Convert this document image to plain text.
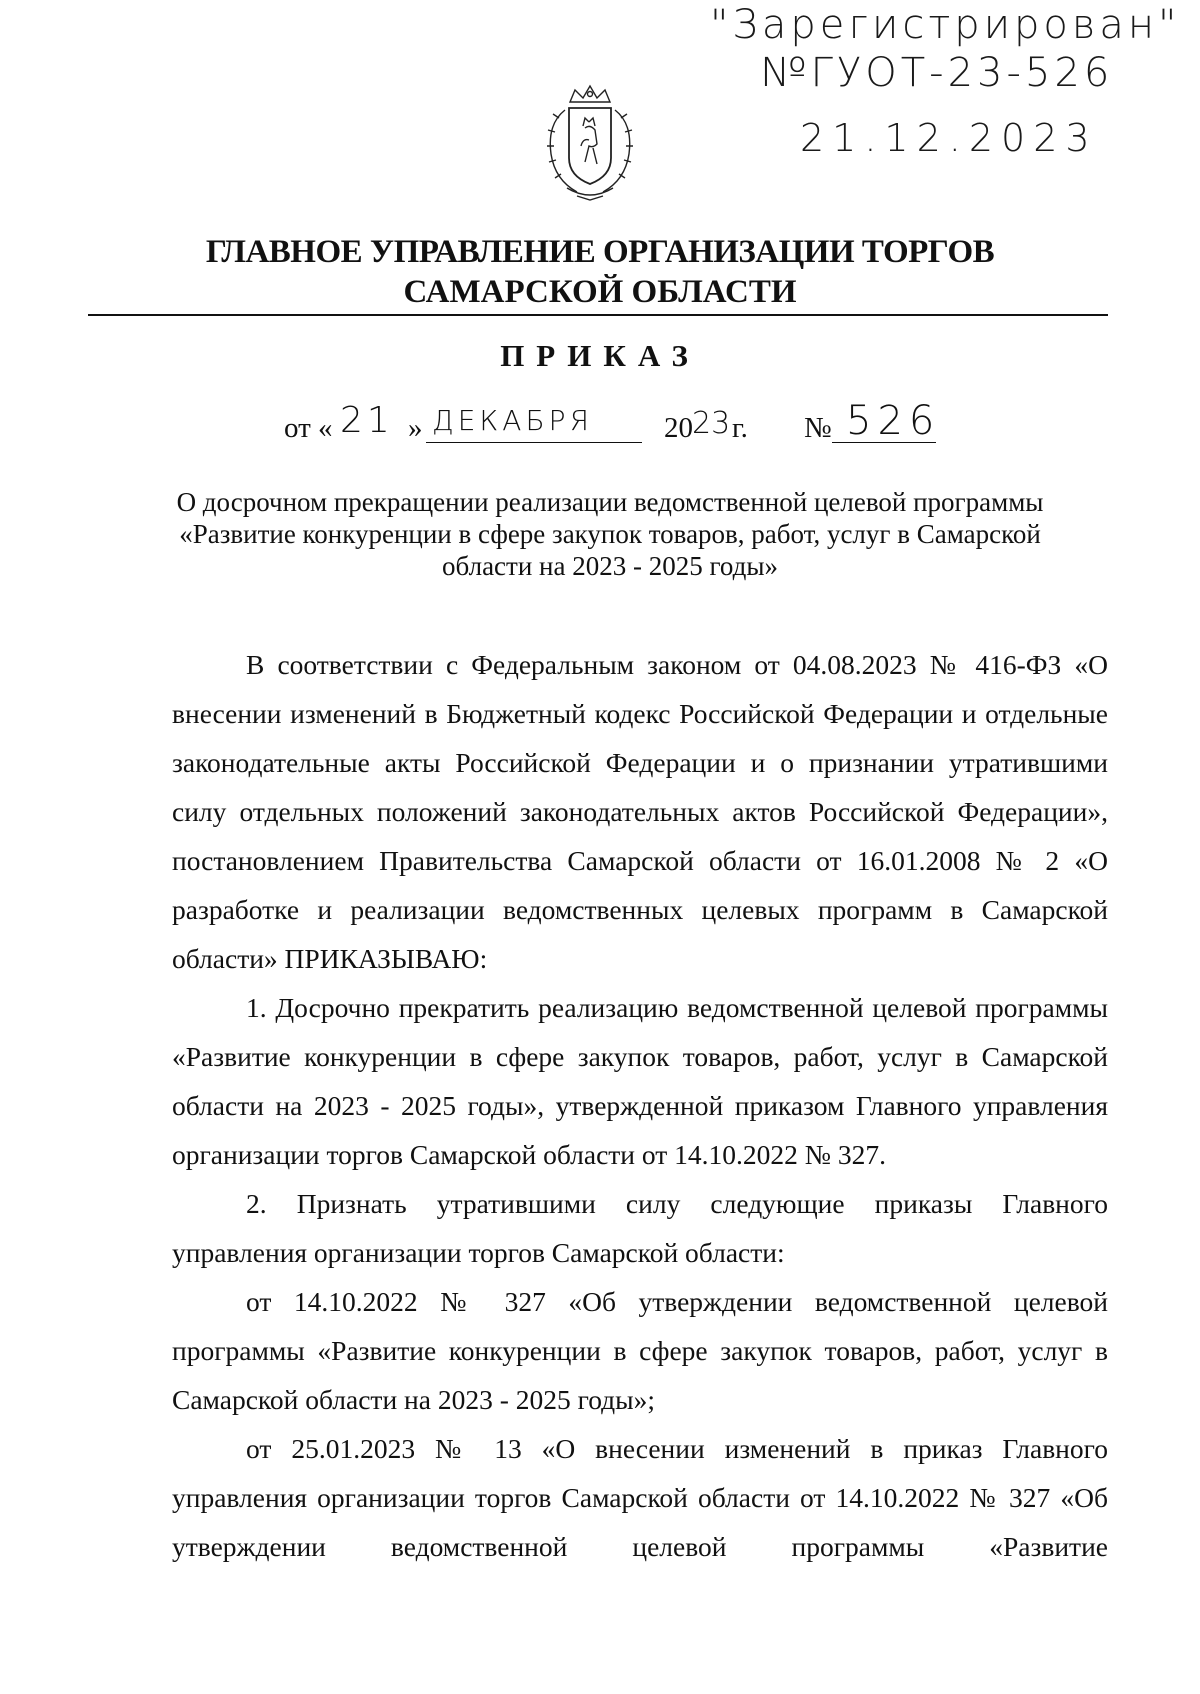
"Зарегистрирован"
№ГУОТ-23-526
21.12.2023
ГЛАВНОЕ УПРАВЛЕНИЕ ОРГАНИЗАЦИИ ТОРГОВ
САМАРСКОЙ ОБЛАСТИ
ПРИКАЗ
от « 21 » ДЕКАБРЯ 20 23 г. № 526
О досрочном прекращении реализации ведомственной целевой программы
«Развитие конкуренции в сфере закупок товаров, работ, услуг в Самарской
области на 2023 - 2025 годы»

В соответствии с Федеральным законом от 04.08.2023 № 416-ФЗ «О внесении изменений в Бюджетный кодекс Российской Федерации и отдельные законодательные акты Российской Федерации и о признании утратившими силу отдельных положений законодательных актов Российской Федерации», постановлением Правительства Самарской области от 16.01.2008 № 2 «О разработке и реализации ведомственных целевых программ в Самарской области» ПРИКАЗЫВАЮ:

1. Досрочно прекратить реализацию ведомственной целевой программы «Развитие конкуренции в сфере закупок товаров, работ, услуг в Самарской области на 2023 - 2025 годы», утвержденной приказом Главного управления организации торгов Самарской области от 14.10.2022 № 327.

2. Признать утратившими силу следующие приказы Главного управления организации торгов Самарской области:

от 14.10.2022 № 327 «Об утверждении ведомственной целевой программы «Развитие конкуренции в сфере закупок товаров, работ, услуг в Самарской области на 2023 - 2025 годы»;

от 25.01.2023 № 13 «О внесении изменений в приказ Главного управления организации торгов Самарской области от 14.10.2022 № 327 «Об утверждении ведомственной целевой программы «Развитие
